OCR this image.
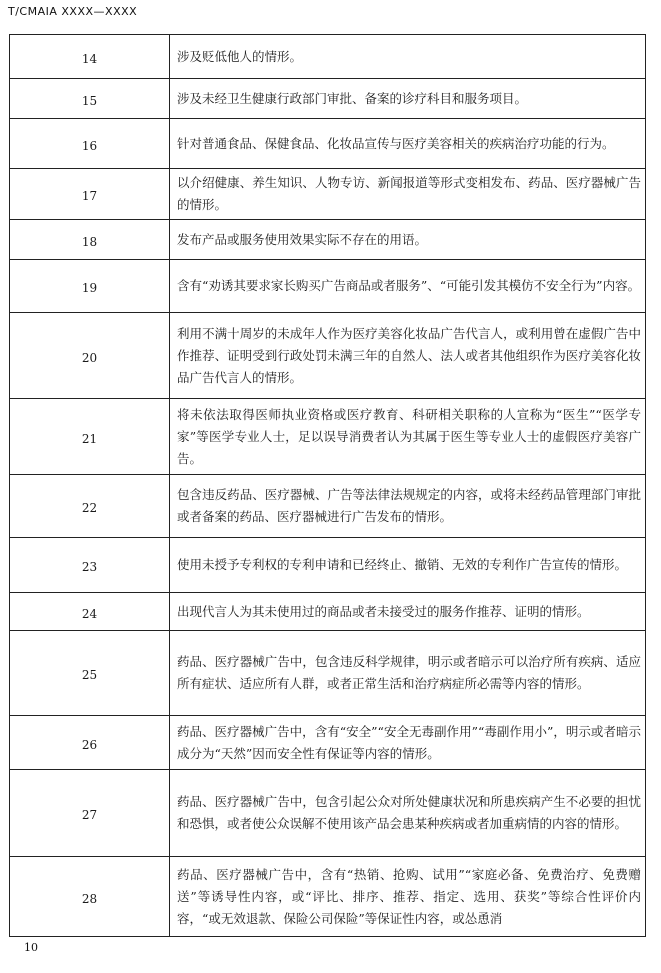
T/CMAIA XXXX—XXXX
14	涉及贬低他人的情形。
15	涉及未经卫生健康行政部门审批、备案的诊疗科目和服务项目。
16	针对普通食品、保健食品、化妆品宣传与医疗美容相关的疾病治疗功能的行为。
17	以介绍健康、养生知识、人物专访、新闻报道等形式变相发布、药品、医疗器械广告的情形。
18	发布产品或服务使用效果实际不存在的用语。
19	含有“劝诱其要求家长购买广告商品或者服务”、“可能引发其模仿不安全行为”内容。
20	利用不满十周岁的未成年人作为医疗美容化妆品广告代言人，或利用曾在虚假广告中作推荐、证明受到行政处罚未满三年的自然人、法人或者其他组织作为医疗美容化妆品广告代言人的情形。
21	将未依法取得医师执业资格或医疗教育、科研相关职称的人宣称为“医生”“医学专家”等医学专业人士，足以误导消费者认为其属于医生等专业人士的虚假医疗美容广告。
22	包含违反药品、医疗器械、广告等法律法规规定的内容，或将未经药品管理部门审批或者备案的药品、医疗器械进行广告发布的情形。
23	使用未授予专利权的专利申请和已经终止、撤销、无效的专利作广告宣传的情形。
24	出现代言人为其未使用过的商品或者未接受过的服务作推荐、证明的情形。
25	药品、医疗器械广告中，包含违反科学规律，明示或者暗示可以治疗所有疾病、适应所有症状、适应所有人群，或者正常生活和治疗病症所必需等内容的情形。
26	药品、医疗器械广告中，含有“安全”“安全无毒副作用”“毒副作用小”，明示或者暗示成分为“天然”因而安全性有保证等内容的情形。
27	药品、医疗器械广告中，包含引起公众对所处健康状况和所患疾病产生不必要的担忧和恐惧，或者使公众误解不使用该产品会患某种疾病或者加重病情的内容的情形。
28	药品、医疗器械广告中，含有“热销、抢购、试用”“家庭必备、免费治疗、免费赠送”等诱导性内容，或“评比、排序、推荐、指定、选用、获奖”等综合性评价内容，“或无效退款、保险公司保险”等保证性内容，或怂恿消
10
